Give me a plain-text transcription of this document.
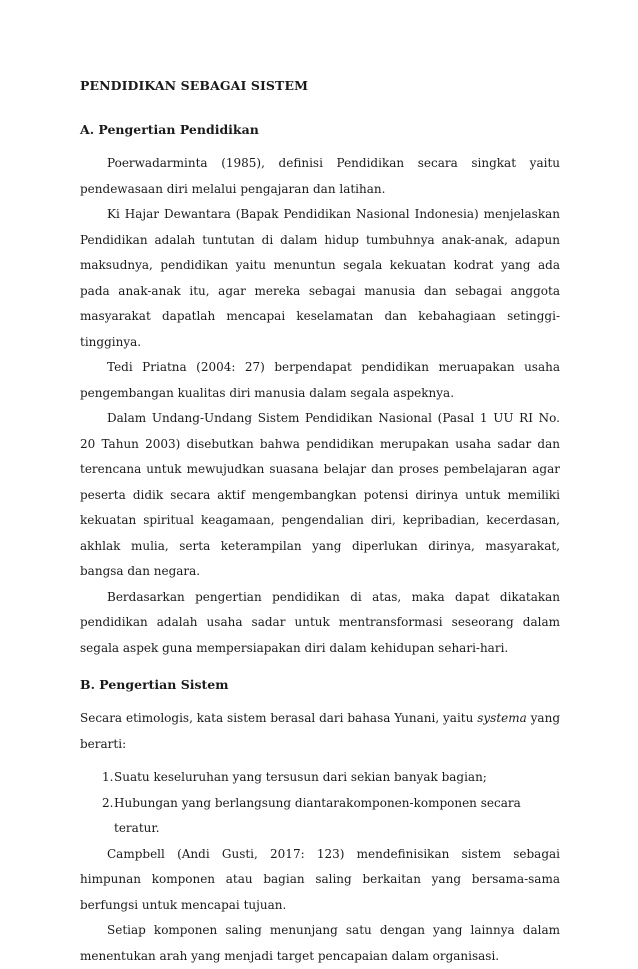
PENDIDIKAN SEBAGAI SISTEM
A. Pengertian Pendidikan

Poerwadarminta (1985), definisi Pendidikan secara singkat yaitu pendewasaan diri melalui pengajaran dan latihan.

Ki Hajar Dewantara (Bapak Pendidikan Nasional Indonesia) menjelaskan Pendidikan adalah tuntutan di dalam hidup tumbuhnya anak-anak, adapun maksudnya, pendidikan yaitu menuntun segala kekuatan kodrat yang ada pada anak-anak itu, agar mereka sebagai manusia dan sebagai anggota masyarakat dapatlah mencapai keselamatan dan kebahagiaan setinggi-tingginya.

Tedi Priatna (2004: 27) berpendapat pendidikan meruapakan usaha pengembangan kualitas diri manusia dalam segala aspeknya.

Dalam Undang-Undang Sistem Pendidikan Nasional (Pasal 1 UU RI No. 20 Tahun 2003) disebutkan bahwa pendidikan merupakan usaha sadar dan terencana untuk mewujudkan suasana belajar dan proses pembelajaran agar peserta didik secara aktif mengembangkan potensi dirinya untuk memiliki kekuatan spiritual keagamaan, pengendalian diri, kepribadian, kecerdasan, akhlak mulia, serta keterampilan yang diperlukan dirinya, masyarakat, bangsa dan negara.

Berdasarkan pengertian pendidikan di atas, maka dapat dikatakan pendidikan adalah usaha sadar untuk mentransformasi seseorang dalam segala aspek guna mempersiapakan diri dalam kehidupan sehari-hari.

B. Pengertian Sistem

Secara etimologis, kata sistem berasal dari bahasa Yunani, yaitu systema yang berarti:

1. Suatu keseluruhan yang tersusun dari sekian banyak bagian;
2. Hubungan yang berlangsung diantarakomponen-komponen secara teratur.

Campbell (Andi Gusti, 2017: 123) mendefinisikan sistem sebagai himpunan komponen atau bagian saling berkaitan yang bersama-sama berfungsi untuk mencapai tujuan.

Setiap komponen saling menunjang satu dengan yang lainnya dalam menentukan arah yang menjadi target pencapaian dalam organisasi.
